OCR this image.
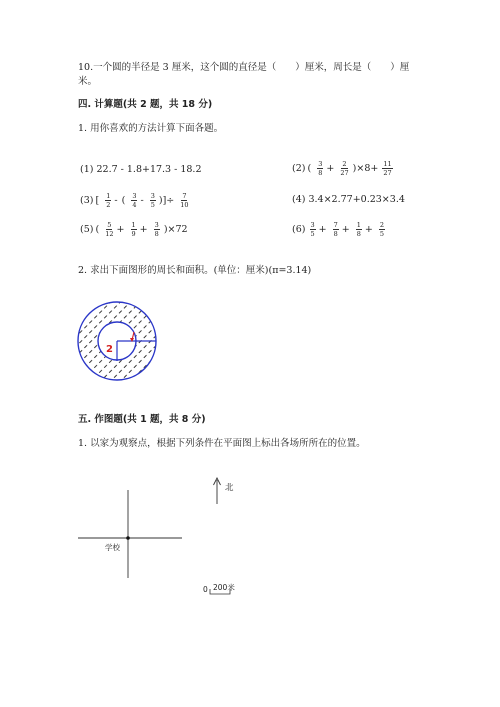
10.一个圆的半径是 3 厘米，这个圆的直径是（　　）厘米，周长是（　　）厘
米。
四. 计算题(共 2 题，共 18 分)
1. 用你喜欢的方法计算下面各题。
(1) 22.7 - 1.8+17.3 - 18.2	(2) ( $\frac{3}{8} + \frac{2}{27} )\times 8+ \frac{11}{27}$
(3) [ $\frac{1}{2}$ - ( $\frac{3}{4} - \frac{3}{5}$ )]÷ $\frac{7}{10}$	(4) 3.4×2.77+0.23×3.4
(5) ( $\frac{5}{12} + \frac{1}{9} + \frac{3}{8} )\times 72$	$(6) \frac{3}{5} + \frac{7}{8} + \frac{1}{8} + \frac{2}{5}$
2. 求出下面图形的周长和面积。(单位：厘米)(π=3.14)
2
五. 作图题(共 1 题，共 8 分)
1. 以家为观察点，根据下列条件在平面图上标出各场所所在的位置。
北
学校
0 200米
